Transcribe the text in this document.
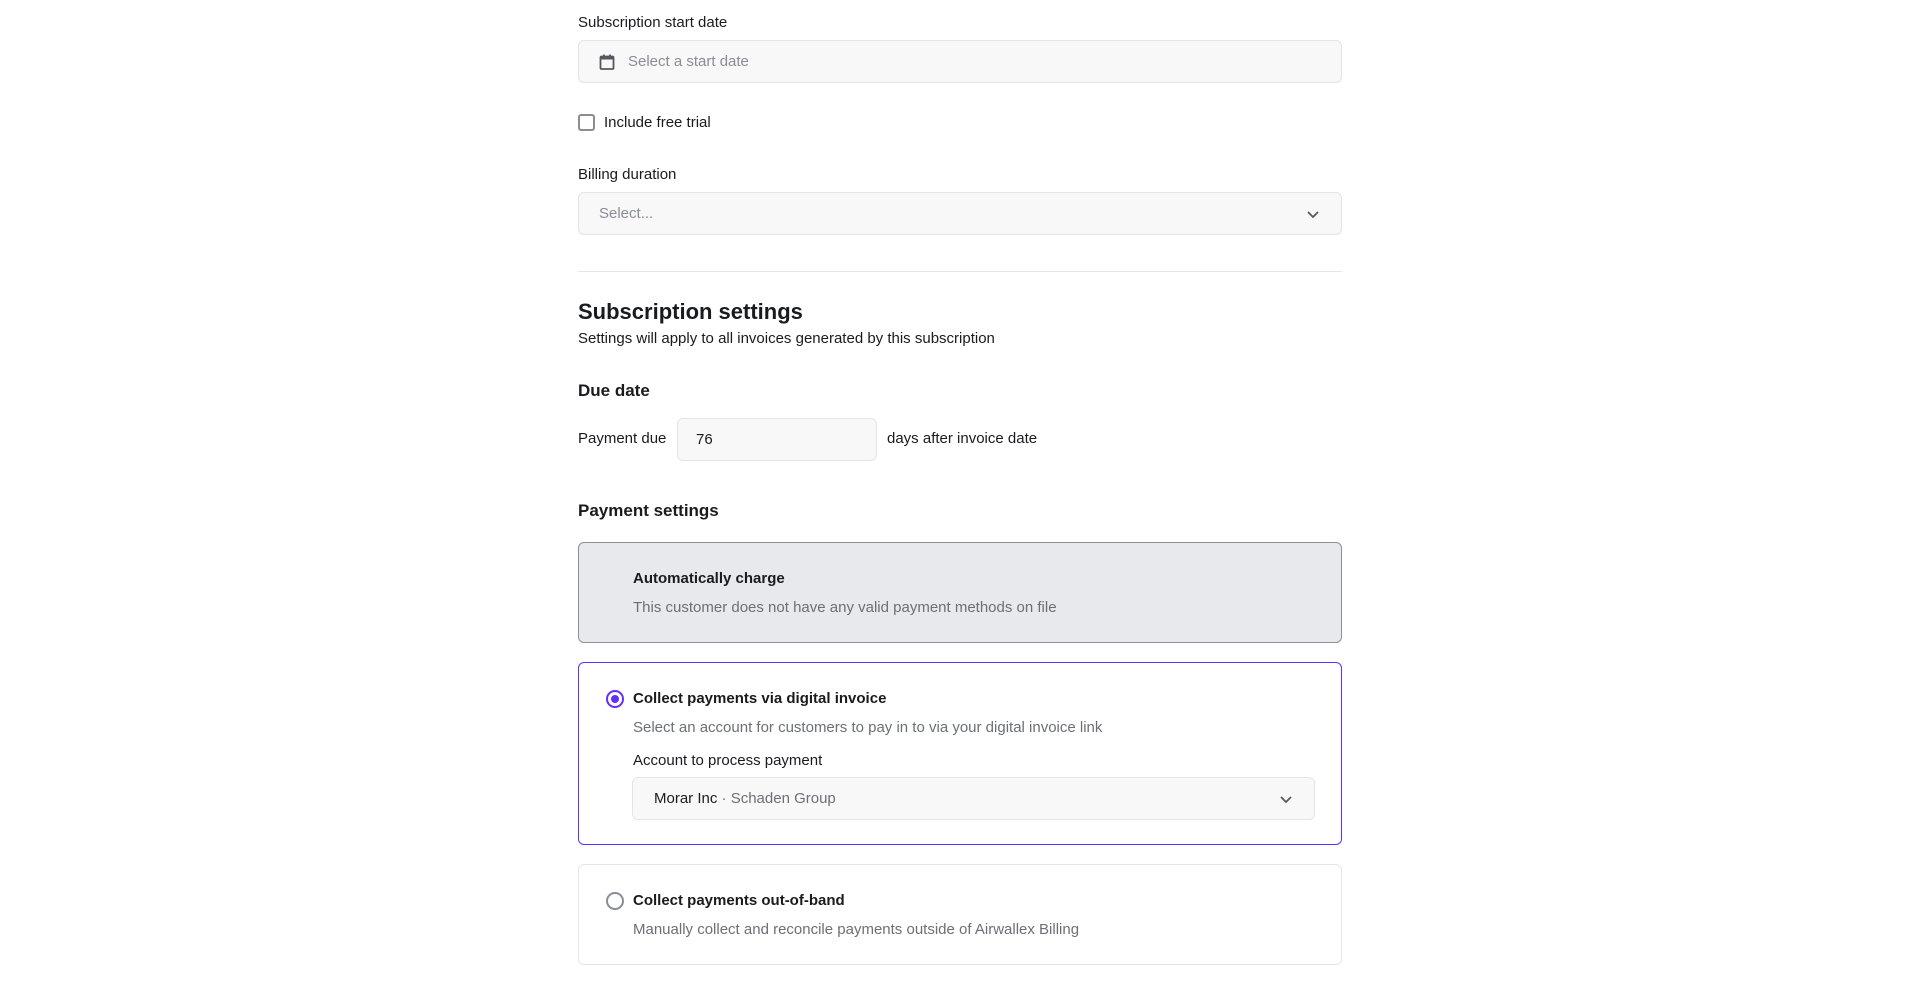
Subscription start date
Select a start date
Include free trial
Billing duration
Select...
Subscription settings
Settings will apply to all invoices generated by this subscription
Due date
Payment due	76	days after invoice date
Payment settings
Automatically charge
This customer does not have any valid payment methods on file
Collect payments via digital invoice
Select an account for customers to pay in to via your digital invoice link
Account to process payment
Morar Inc · Schaden Group
Collect payments out-of-band
Manually collect and reconcile payments outside of Airwallex Billing
